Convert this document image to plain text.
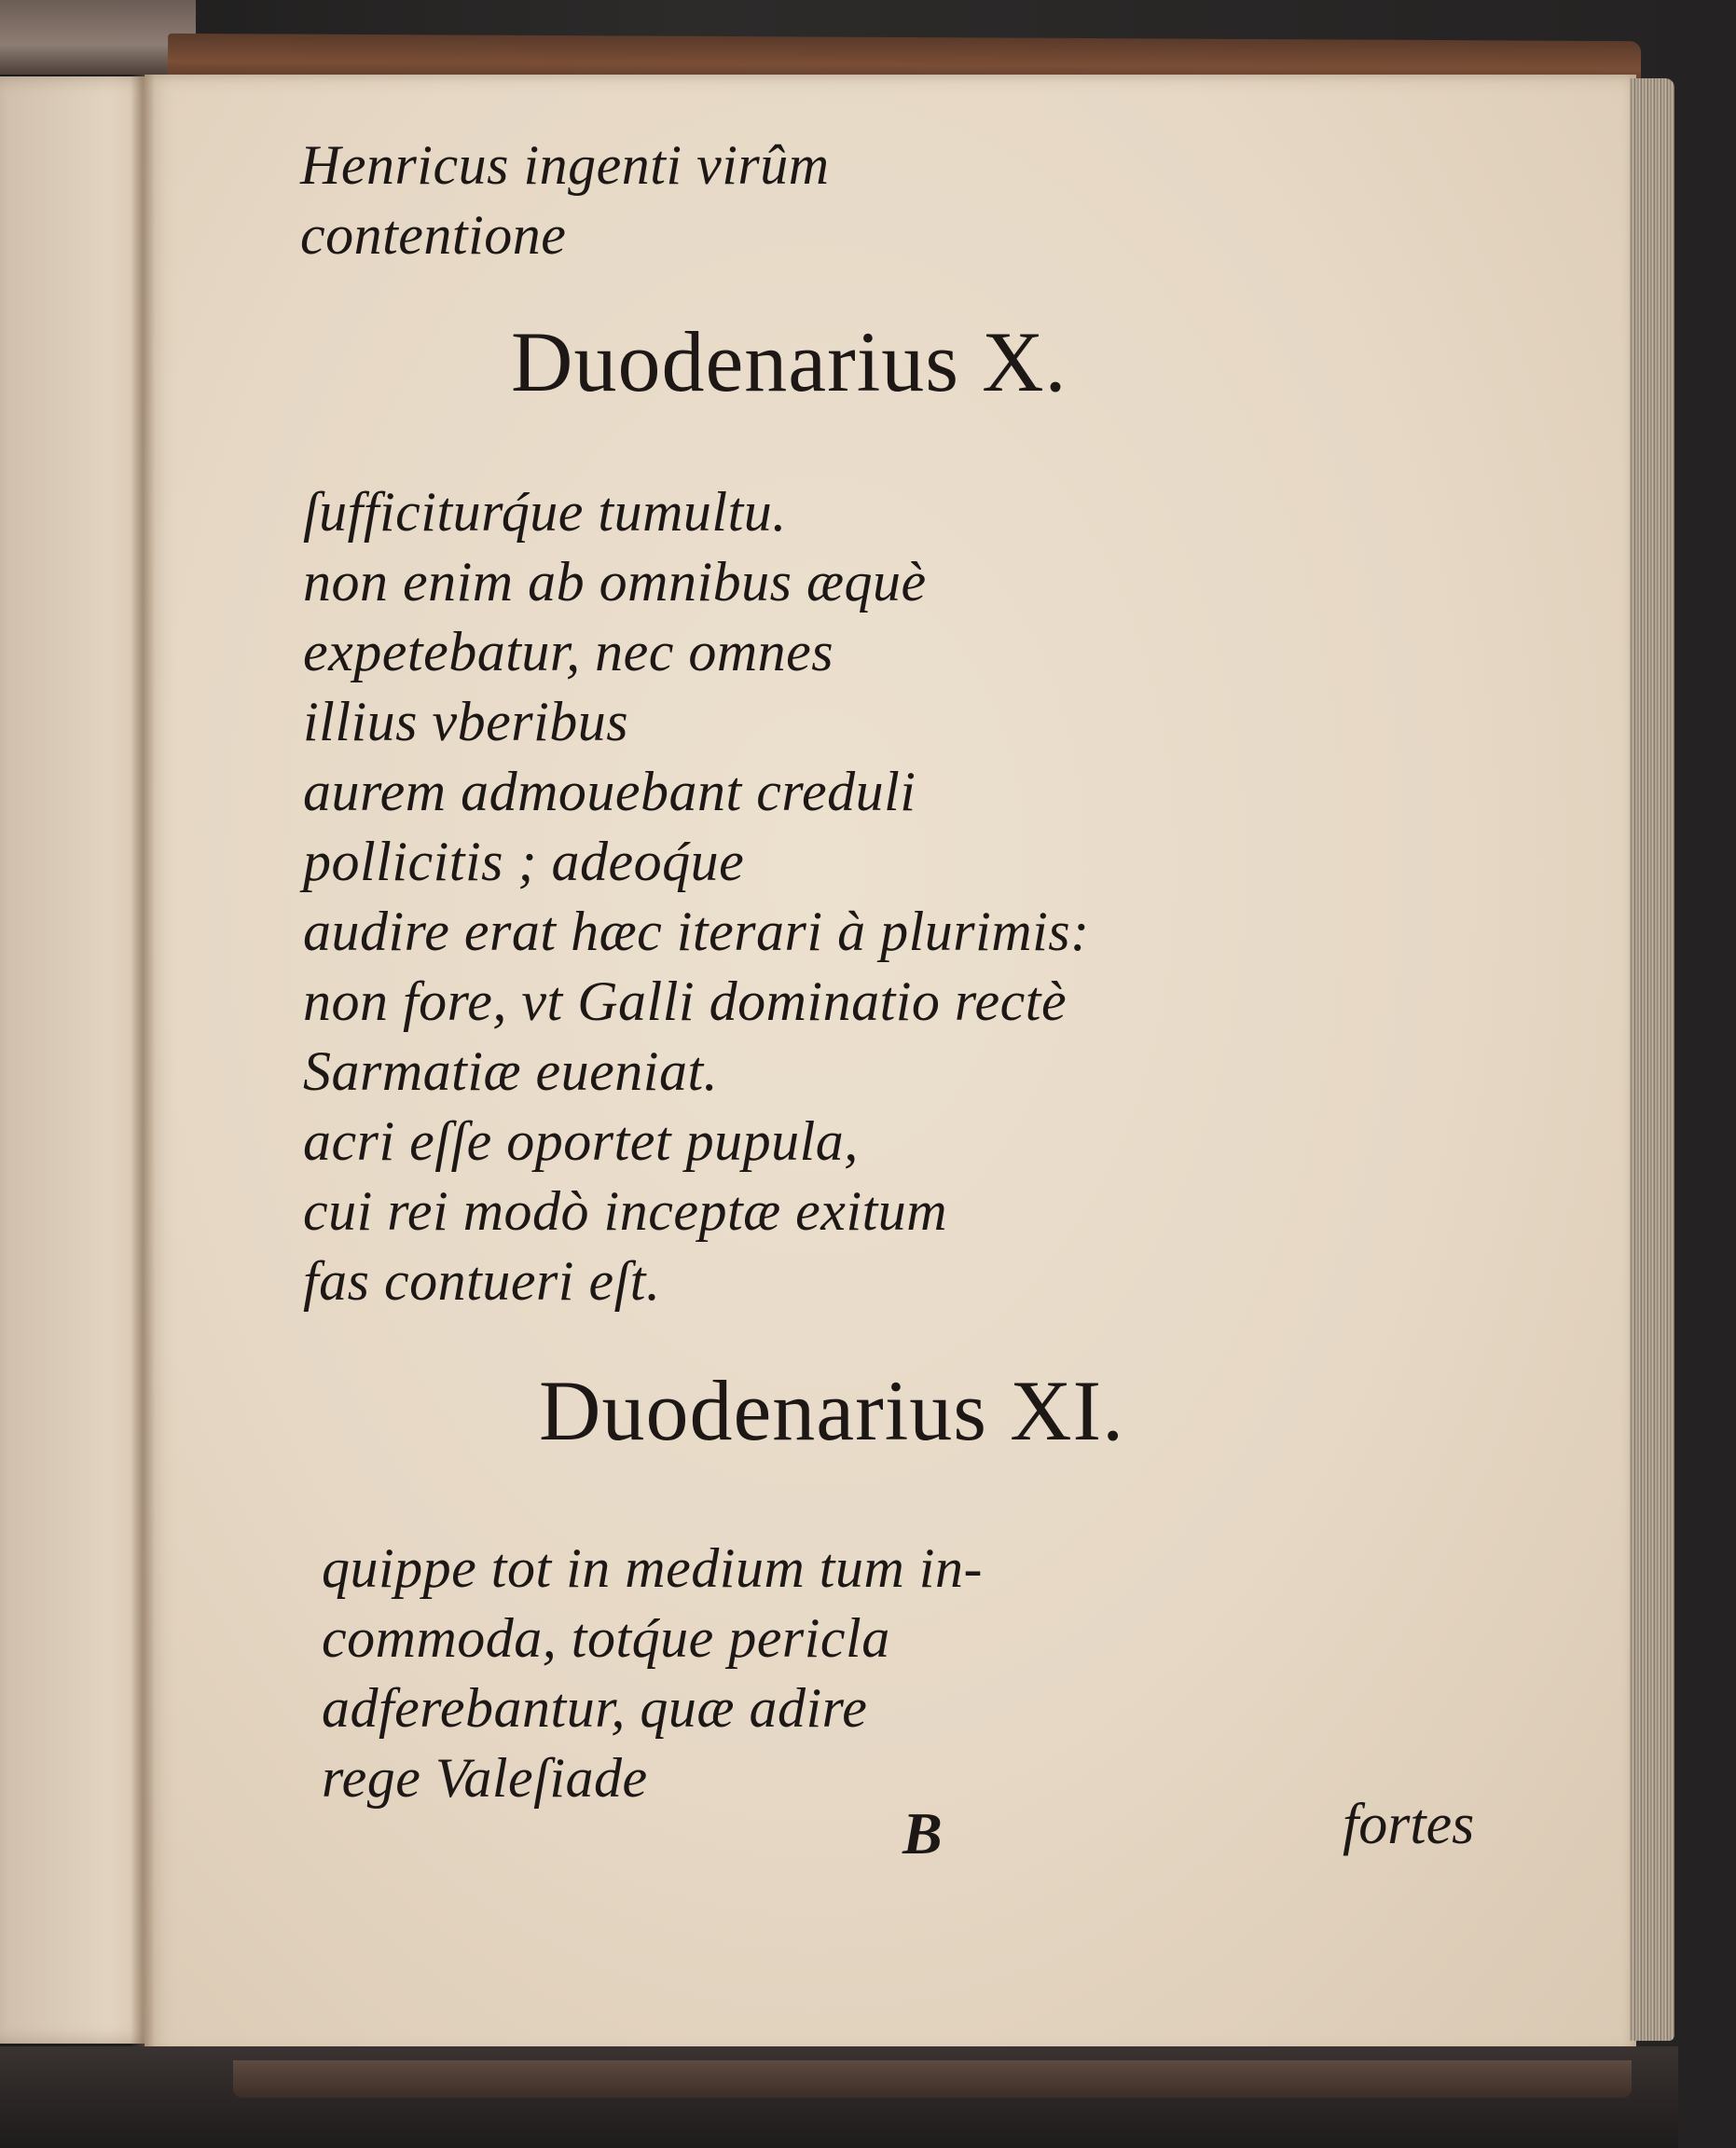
Henricus ingenti virûm
contentione
Duodenarius X.
ſufficiturq́ue tumultu.
non enim ab omnibus æquè
expetebatur, nec omnes
illius vberibus
aurem admouebant creduli
pollicitis ; adeoq́ue
audire erat hæc iterari à plurimis:
non fore, vt Galli dominatio rectè
Sarmatiæ eueniat.
acri eſſe oportet pupula,
cui rei modò inceptæ exitum
fas contueri eſt.
Duodenarius XI.
quippe tot in medium tum in-
commoda, totq́ue pericla
adferebantur, quæ adire
rege Valeſiade
B	fortes
